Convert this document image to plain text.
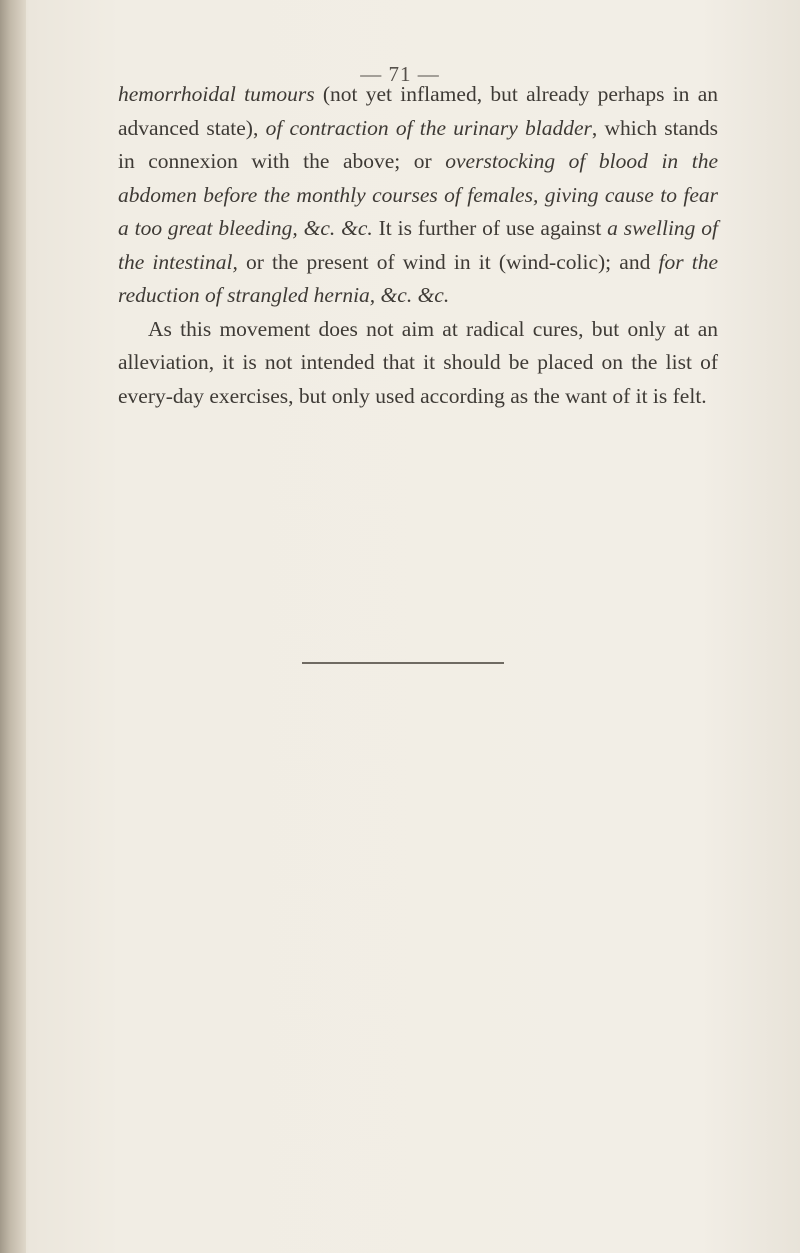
— 71 —

hemorrhoidal tumours (not yet inflamed, but already perhaps in an advanced state), of contraction of the urinary bladder, which stands in connexion with the above; or overstocking of blood in the abdomen before the monthly courses of females, giving cause to fear a too great bleeding, &c. &c. It is further of use against a swelling of the intestinal, or the present of wind in it (wind-colic); and for the reduction of strangled hernia, &c. &c.

As this movement does not aim at radical cures, but only at an alleviation, it is not intended that it should be placed on the list of every-day exercises, but only used according as the want of it is felt.
